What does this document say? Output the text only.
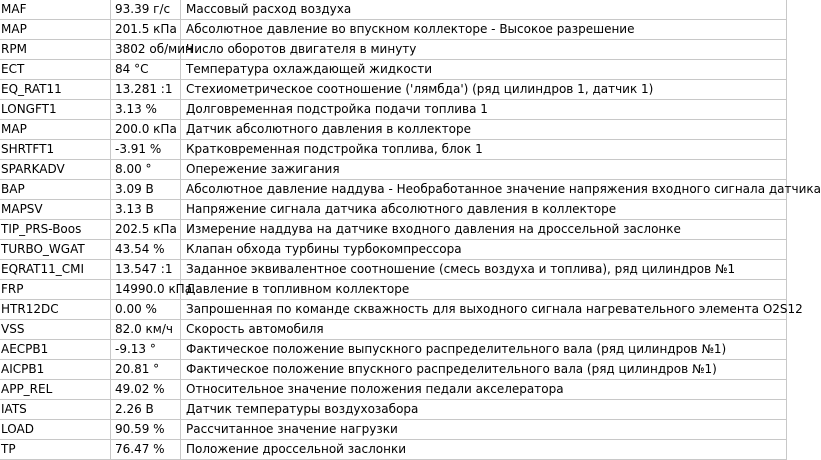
MAF	93.39 г/с	Массовый расход воздуха
MAP	201.5 кПа	Абсолютное давление во впускном коллекторе - Высокое разрешение
RPM	3802 об/мин	Число оборотов двигателя в минуту
ECT	84 °C	Температура охлаждающей жидкости
EQ_RAT11	13.281 :1	Стехиометрическое соотношение ('лямбда') (ряд цилиндров 1, датчик 1)
LONGFT1	3.13 %	Долговременная подстройка подачи топлива 1
MAP	200.0 кПа	Датчик абсолютного давления в коллекторе
SHRTFT1	-3.91 %	Кратковременная подстройка топлива, блок 1
SPARKADV	8.00 °	Опережение зажигания
BAP	3.09 В	Абсолютное давление наддува - Необработанное значение напряжения входного сигнала датчика
MAPSV	3.13 В	Напряжение сигнала датчика абсолютного давления в коллекторе
TIP_PRS-Boos	202.5 кПа	Измерение наддува на датчике входного давления на дроссельной заслонке
TURBO_WGAT	43.54 %	Клапан обхода турбины турбокомпрессора
EQRAT11_CMI	13.547 :1	Заданное эквивалентное соотношение (смесь воздуха и топлива), ряд цилиндров №1
FRP	14990.0 кПа	Давление в топливном коллекторе
HTR12DC	0.00 %	Запрошенная по команде скважность для выходного сигнала нагревательного элемента O2S12
VSS	82.0 км/ч	Скорость автомобиля
AECPB1	-9.13 °	Фактическое положение выпускного распределительного вала (ряд цилиндров №1)
AICPB1	20.81 °	Фактическое положение впускного распределительного вала (ряд цилиндров №1)
APP_REL	49.02 %	Относительное значение положения педали акселератора
IATS	2.26 В	Датчик температуры воздухозабора
LOAD	90.59 %	Рассчитанное значение нагрузки
TP	76.47 %	Положение дроссельной заслонки
